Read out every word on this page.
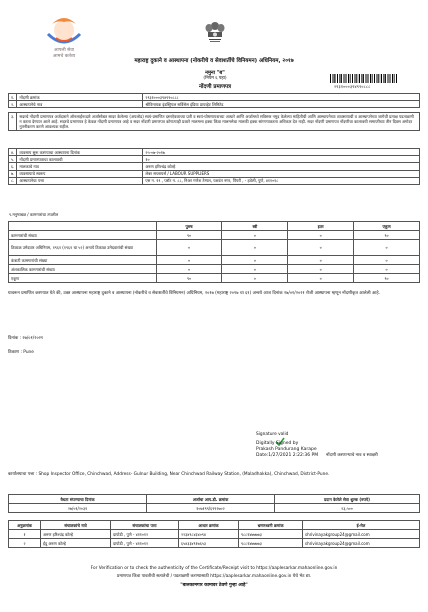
आपली सेवा
आमचे कर्तव्य
महाराष्ट्र दुकाने व आस्थापना (नोकरीचे व सेवाशर्तीचे विनियमन) अधिनियम, २०१७
नमुना "ब"
(नियम ६ पहा)
२९३१०००३९४९९०८८८
नोंदणी प्रमाणपत्र
१.	नोंदणी क्रमांक	२९३१०००३९४९९०८८८
२.	आस्थापनेचे नाव	श्रीविनायक इंडस्ट्रियल सर्विसेस इंडिया प्रायव्हेट लिमिटेड
३.	सदरचे नोंदणी प्रमाणपत्र अर्जदाराने ऑनलाईनव्दारे अर्जासोबत सादर केलेल्या (अपलोड) स्वयं-प्रमाणित दस्तऐवजाच्या प्रती व स्वयं-घोषणापत्राच्या आधारे आणि अर्जामध्ये सविस्तर नमुद केलेल्या माहितीची आणि आस्थापनेच्या व्यवसायाची व आस्थापनेच्या जागेची प्रत्यक्ष पडताळणी न करता देण्यात आले आहे. सदरचे प्रमाणपत्र हे केवळ नोंदणी प्रमाणपत्र आहे व सदर नोंदणी प्रमाणपत्र कोणत्याही प्रकारे मालमत्ता हक्क किंवा मालमत्तेचा मालकी हक्क सांगण्याकरता अधिकार देत नाही. सदर नोंदणी प्रमाणपत्र नोंदणीचा कालावधी समाप्तीच्या तीन दिवस अगोदर नुतनीकरण करणे आवश्यक राहील.
४.	व्यवसाय सुरू करण्याचा आस्थापना दिनांक	२५-०७-२०१७
५.	नोंदणी प्रमाणपत्राचा कालावधी	१०
६.	मालकाचे नाव	अरुण हरिश्चंद्र कोल्हे
७.	व्यवसायाचे स्वरूप	लेबर सप्लायर्स / LABOUR SUPPLIERS
८.	आस्थापनेचा पत्ता	एस न. १९ , प्लॉट न. ८८, निअर गणेश टेम्पल, यशवंत नगर, पिंपरी , - हवेली, पुणे, ४११०१८
९.मनुष्यबळ / कामगारांचा तपशील
	पुरुष	स्त्री	इतर	एकूण
कामगारांची संख्या	९०	०	०	९०
ठिकाळ उमेदवार अधिनियम, १९६१ (१९६१ चा ५२) अन्वये ठिकाळ उमेदवारांची संख्या	०	०	०	०
कंत्राटी कामगारांची संख्या	०	०	०	०
अंशकालिक कामगारांची संख्या	०	०	०	०
एकूण	९०	०	०	९०
यावरून प्रमाणित करण्यात येते की, उक्त आस्थापना महाराष्ट्र दुकाने व आस्थापना (नोकरीचे व सेवाशर्तीचे विनियमन) अधिनियम, २०१७ (महाराष्ट्र २०१७ चा ६१) अन्वये आज दिनांक २७/०१/२०२१ रोजी आस्थापना म्हणून नोंदणीकृत आलेली आहे.
दिनांक : २७/०१/२०२१
ठिकाण : Pune
Signature valid
Digitally Signed by
Prakash Pandurang Karape
Date:1/27/2021 2:22:36 PM नोंदणी करणाऱ्याचे नाव व स्वाक्षरी
कार्यालयाचा पत्ता : Shop Inspector Office, Chinchwad, Address- Gulnur Building, Near Chinchwad Railway Station, (Maladhakka), Chinchwad, District-Pune.
वैधता संपण्याचा दिनांक	अर्जाचा आय.डी. क्रमांक	प्रदान केलेले सेवा शुल्क (रुपये)
२७/०१/२०३१	१०७१९९/६९९२७०२	२३,५००
अनुक्रमांक	संचालकांचे नावे	संचालकांचा पत्ता	आधार क्रमांक	भ्रमणध्वनी क्रमांक	ई-मेल
१	अरुण हरिश्चंद्र कोल्हे	दापोडी , पुणे - ४११०१२	२२३४९८४३४०९४	९८८१४७७७७३	shrivinayakgroup24@gmail.com
२	ईदु अरुण कोल्हे	दापोडी , पुणे - ४११०१२	६५४३३४९१७६५३	९८८१४७७७७३	shrivinayakgroup24@gmail.com
For Verification or to check the authenticity of the Certificate/Receipt visit to https://aaplesarkar.mahaonline.gov.in
प्रमाणपत्र किंवा पावतीची सत्यतेची / पडताळणी करण्यासाठी https://aaplesarkar.mahaonline.gov.in येथे भेट द्या.
"बालकामगार कामावर ठेवणे गुन्हा आहे"
